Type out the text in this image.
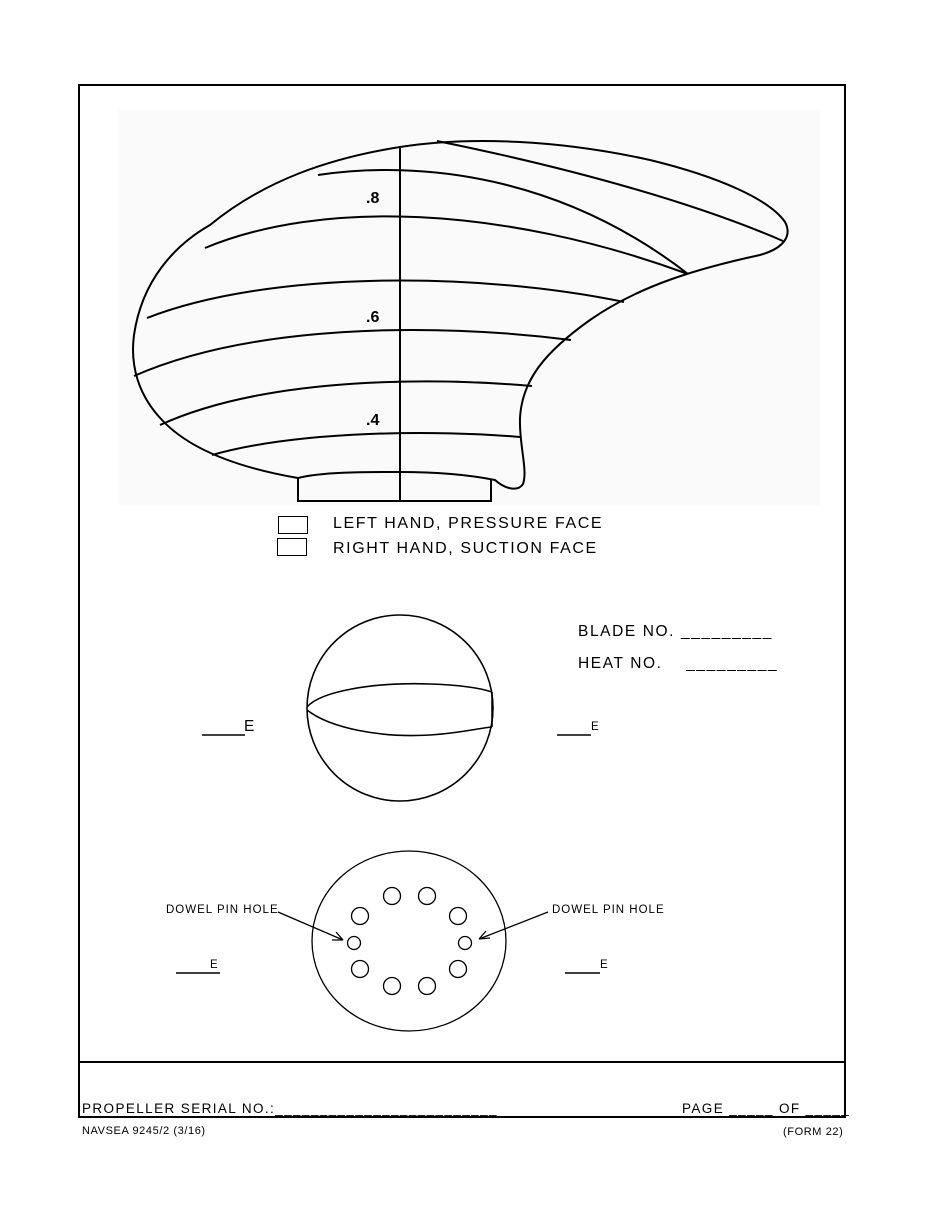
.8
.6
.4
LEFT HAND, PRESSURE FACE
RIGHT HAND, SUCTION FACE
BLADE NO. _________
HEAT NO.    _________
E	E
DOWEL PIN HOLE	DOWEL PIN HOLE
E	E
PROPELLER SERIAL NO.:_________________________	PAGE _____ OF _____
NAVSEA 9245/2 (3/16)	(FORM 22)
